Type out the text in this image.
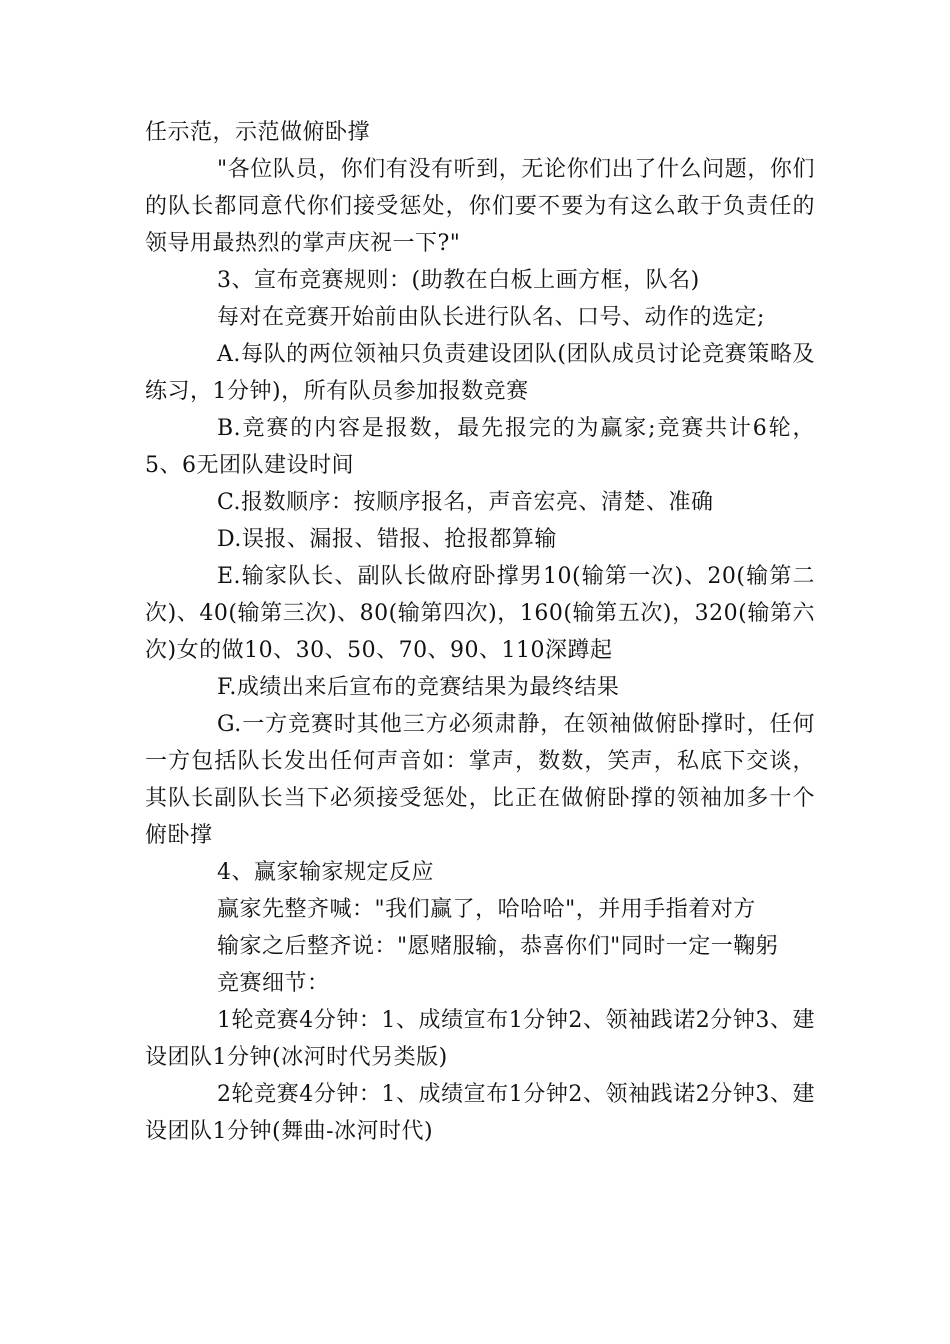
任示范，示范做俯卧撑

"各位队员，你们有没有听到，无论你们出了什么问题，你们的队长都同意代你们接受惩处，你们要不要为有这么敢于负责任的领导用最热烈的掌声庆祝一下?"

3、宣布竞赛规则：(助教在白板上画方框，队名)

每对在竞赛开始前由队长进行队名、口号、动作的选定;

A.每队的两位领袖只负责建设团队(团队成员讨论竞赛策略及练习，1分钟)，所有队员参加报数竞赛

B.竞赛的内容是报数，最先报完的为赢家;竞赛共计6轮，5、6无团队建设时间

C.报数顺序：按顺序报名，声音宏亮、清楚、准确

D.误报、漏报、错报、抢报都算输

E.输家队长、副队长做府卧撑男10(输第一次)、20(输第二次)、40(输第三次)、80(输第四次)，160(输第五次)，320(输第六次)女的做10、30、50、70、90、110深蹲起

F.成绩出来后宣布的竞赛结果为最终结果

G.一方竞赛时其他三方必须肃静，在领袖做俯卧撑时，任何一方包括队长发出任何声音如：掌声，数数，笑声，私底下交谈，其队长副队长当下必须接受惩处，比正在做俯卧撑的领袖加多十个俯卧撑

4、赢家输家规定反应

赢家先整齐喊："我们赢了，哈哈哈"，并用手指着对方

输家之后整齐说："愿赌服输，恭喜你们"同时一定一鞠躬

竞赛细节：

1轮竞赛4分钟：1、成绩宣布1分钟2、领袖践诺2分钟3、建设团队1分钟(冰河时代另类版)

2轮竞赛4分钟：1、成绩宣布1分钟2、领袖践诺2分钟3、建设团队1分钟(舞曲-冰河时代)
